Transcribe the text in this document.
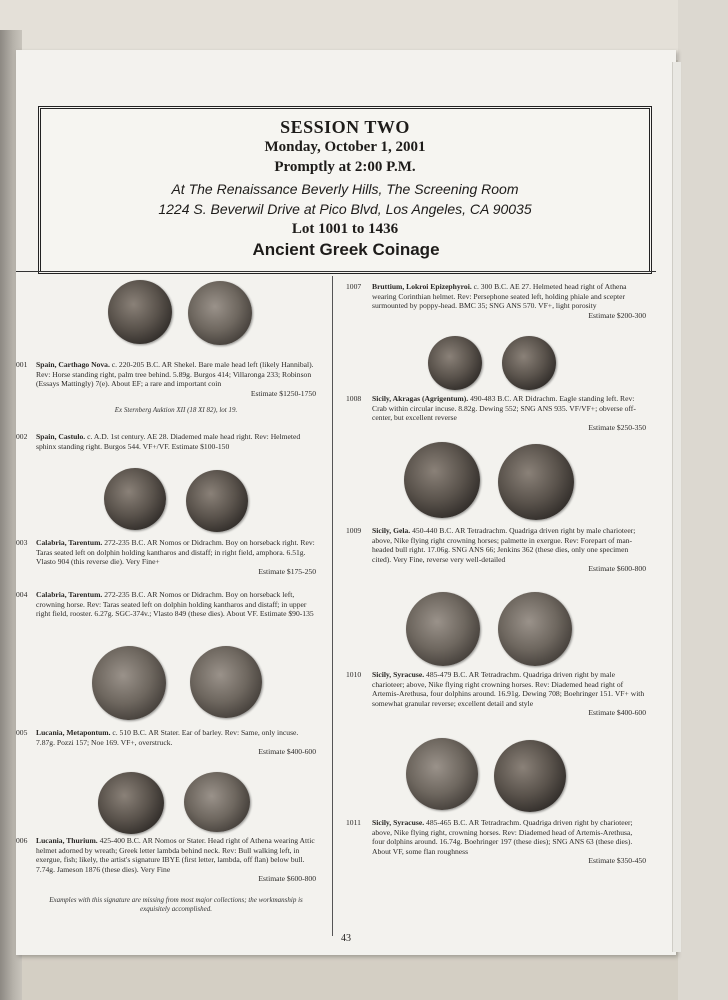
SESSION TWO
Monday, October 1, 2001
Promptly at 2:00 P.M.
At The Renaissance Beverly Hills, The Screening Room
1224 S. Beverwil Drive at Pico Blvd, Los Angeles, CA 90035
Lot 1001 to 1436
Ancient Greek Coinage
001 Spain, Carthago Nova. c. 220-205 B.C. AR Shekel. Bare male head left (likely Hannibal). Rev: Horse standing right, palm tree behind. 5.89g. Burgos 414; Villaronga 233; Robinson (Essays Mattingly) 7(e). About EF; a rare and important coin
Estimate $1250-1750
Ex Sternberg Auktion XII (18 XI 82), lot 19.
002 Spain, Castulo. c. A.D. 1st century. AE 28. Diademed male head right. Rev: Helmeted sphinx standing right. Burgos 544. VF+/VF. Estimate $100-150
003 Calabria, Tarentum. 272-235 B.C. AR Nomos or Didrachm. Boy on horseback right. Rev: Taras seated left on dolphin holding kantharos and distaff; in right field, amphora. 6.51g. Vlasto 904 (this reverse die). Very Fine+
Estimate $175-250
004 Calabria, Tarentum. 272-235 B.C. AR Nomos or Didrachm. Boy on horseback left, crowning horse. Rev: Taras seated left on dolphin holding kantharos and distaff; in upper right field, rooster. 6.27g. SGC-374v.; Vlasto 849 (these dies). About VF. Estimate $90-135
005 Lucania, Metapontum. c. 510 B.C. AR Stater. Ear of barley. Rev: Same, only incuse. 7.87g. Pozzi 157; Noe 169. VF+, overstruck.
Estimate $400-600
006 Lucania, Thurium. 425-400 B.C. AR Nomos or Stater. Head right of Athena wearing Attic helmet adorned by wreath; Greek letter lambda behind neck. Rev: Bull walking left, in exergue, fish; likely, the artist's signature IBYE (first letter, lambda, off flan) below bull. 7.74g. Jameson 1876 (these dies). Very Fine
Estimate $600-800
Examples with this signature are missing from most major collections; the workmanship is exquisitely accomplished.
1007 Bruttium, Lokroi Epizephyroi. c. 300 B.C. AE 27. Helmeted head right of Athena wearing Corinthian helmet. Rev: Persephone seated left, holding phiale and scepter surmounted by poppy-head. BMC 35; SNG ANS 570. VF+, light porosity
Estimate $200-300
1008 Sicily, Akragas (Agrigentum). 490-483 B.C. AR Didrachm. Eagle standing left. Rev: Crab within circular incuse. 8.82g. Dewing 552; SNG ANS 935. VF/VF+; obverse off-center, but excellent reverse
Estimate $250-350
1009 Sicily, Gela. 450-440 B.C. AR Tetradrachm. Quadriga driven right by male charioteer; above, Nike flying right crowning horses; palmette in exergue. Rev: Forepart of man-headed bull right. 17.06g. SNG ANS 66; Jenkins 362 (these dies, only one specimen cited). Very Fine, reverse very well-detailed
Estimate $600-800
1010 Sicily, Syracuse. 485-479 B.C. AR Tetradrachm. Quadriga driven right by male charioteer; above, Nike flying right crowning horses. Rev: Diademed head right of Artemis-Arethusa, four dolphins around. 16.91g. Dewing 708; Boehringer 151. VF+ with somewhat granular reverse; excellent detail and style
Estimate $400-600
1011 Sicily, Syracuse. 485-465 B.C. AR Tetradrachm. Quadriga driven right by charioteer; above, Nike flying right, crowning horses. Rev: Diademed head of Artemis-Arethusa, four dolphins around. 16.74g. Boehringer 197 (these dies); SNG ANS 63 (these dies). About VF, some flan roughness
Estimate $350-450
43
